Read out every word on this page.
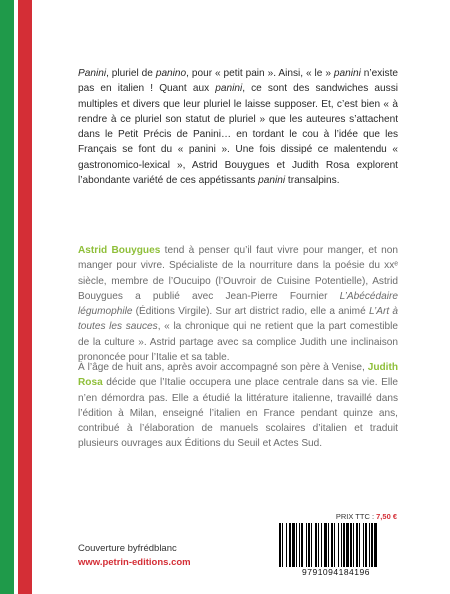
Panini, pluriel de panino, pour « petit pain ». Ainsi, « le » panini n’existe pas en italien ! Quant aux panini, ce sont des sandwiches aussi multiples et divers que leur pluriel le laisse supposer. Et, c’est bien « à rendre à ce pluriel son statut de pluriel » que les auteures s’attachent dans le Petit Précis de Panini… en tordant le cou à l’idée que les Français se font du « panini ». Une fois dissipé ce malentendu « gastronomico-lexical », Astrid Bouygues et Judith Rosa explorent l’abondante variété de ces appétissants panini transalpins.

Astrid Bouygues tend à penser qu’il faut vivre pour manger, et non manger pour vivre. Spécialiste de la nourriture dans la poésie du xxᵉ siècle, membre de l’Oucuipo (l’Ouvroir de Cuisine Potentielle), Astrid Bouygues a publié avec Jean-Pierre Fournier L’Abécédaire légumophile (Éditions Virgile). Sur art district radio, elle a animé L’Art à toutes les sauces, « la chronique qui ne retient que la part comestible de la culture ». Astrid partage avec sa complice Judith une inclinaison prononcée pour l’Italie et sa table.

À l’âge de huit ans, après avoir accompagné son père à Venise, Judith Rosa décide que l’Italie occupera une place centrale dans sa vie. Elle n’en démordra pas. Elle a étudié la littérature italienne, travaillé dans l’édition à Milan, enseigné l’italien en France pendant quinze ans, contribué à l’élaboration de manuels scolaires d’italien et traduit plusieurs ouvrages aux Éditions du Seuil et Actes Sud.

Couverture byfrédblanc
www.petrin-editions.com
PRIX TTC : 7,50 €
9791094184196
